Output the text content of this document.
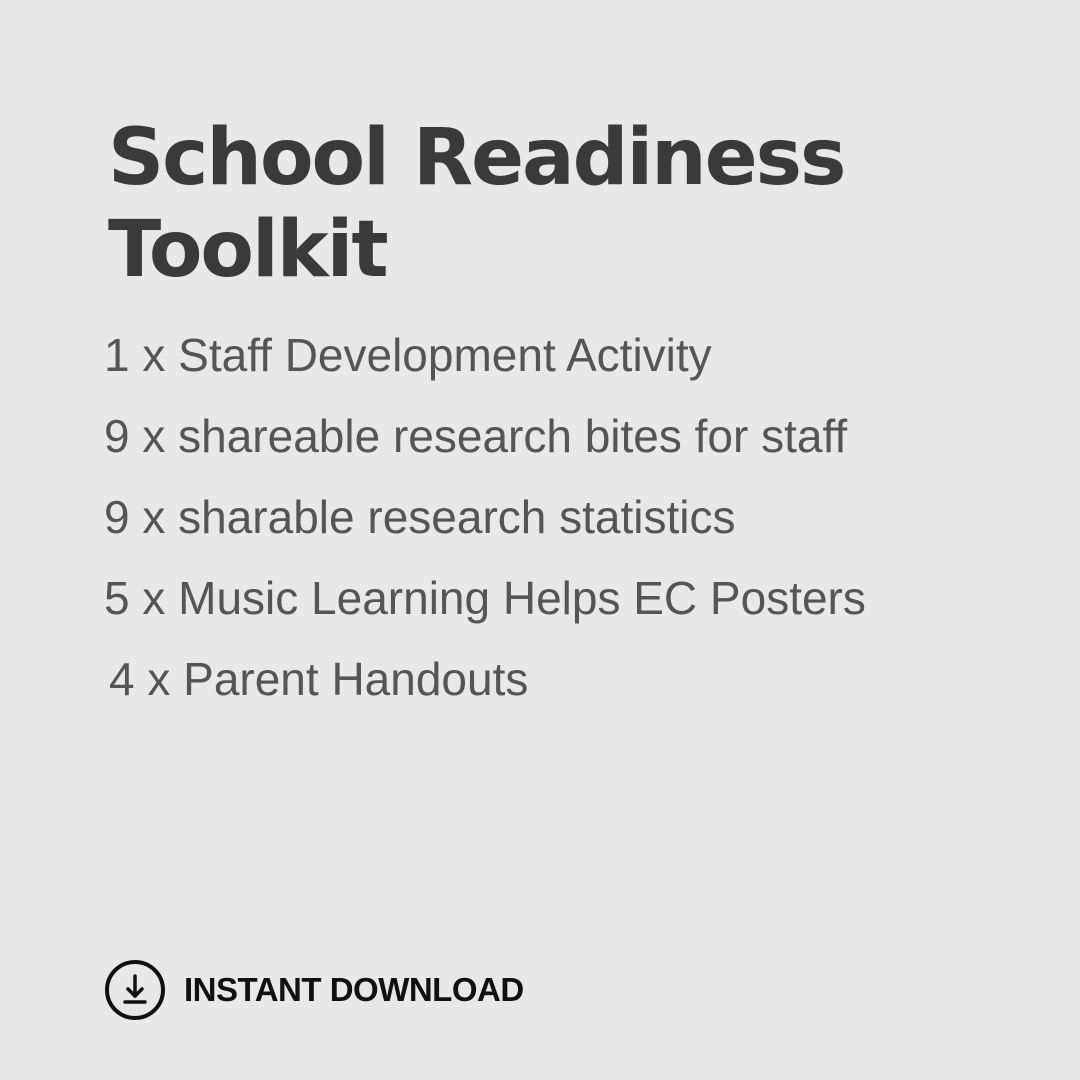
School Readiness
Toolkit
1 x Staff Development Activity
9 x shareable research bites for staff
9 x sharable research statistics
5 x Music Learning Helps EC Posters
4 x Parent Handouts
INSTANT DOWNLOAD
